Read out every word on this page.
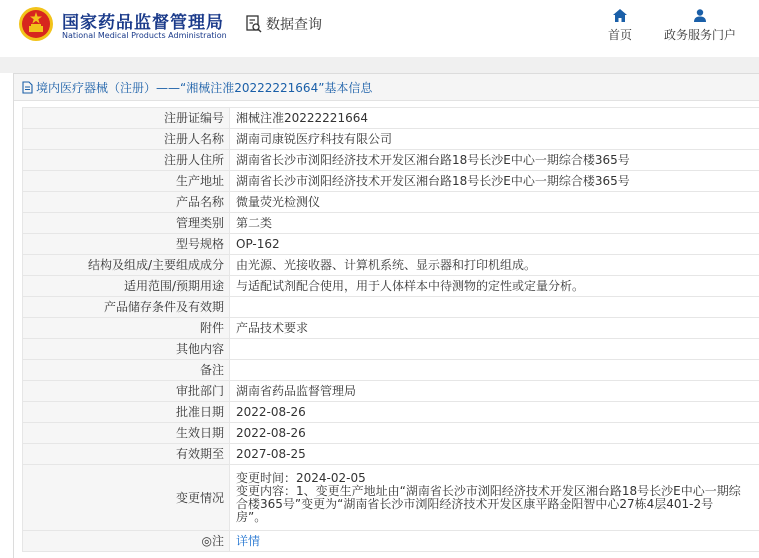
国家药品监督管理局
National Medical Products Administration
数据查询
首页	政务服务门户
境内医疗器械（注册）——“湘械注准20222221664”基本信息
注册证编号	湘械注准20222221664
注册人名称	湖南司康锐医疗科技有限公司
注册人住所	湖南省长沙市浏阳经济技术开发区湘台路18号长沙E中心一期综合楼365号
生产地址	湖南省长沙市浏阳经济技术开发区湘台路18号长沙E中心一期综合楼365号
产品名称	微量荧光检测仪
管理类别	第二类
型号规格	OP-162
结构及组成/主要组成成分	由光源、光接收器、计算机系统、显示器和打印机组成。
适用范围/预期用途	与适配试剂配合使用，用于人体样本中待测物的定性或定量分析。
产品储存条件及有效期	
附件	产品技术要求
其他内容	
备注	
审批部门	湖南省药品监督管理局
批准日期	2022-08-26
生效日期	2022-08-26
有效期至	2027-08-25
变更情况	变更时间：2024-02-05
变更内容：1、变更生产地址由“湖南省长沙市浏阳经济技术开发区湘台路18号长沙E中心一期综
合楼365号”变更为“湖南省长沙市浏阳经济技术开发区康平路金阳智中心27栋4层401-2号
房”。

◎注	详情
